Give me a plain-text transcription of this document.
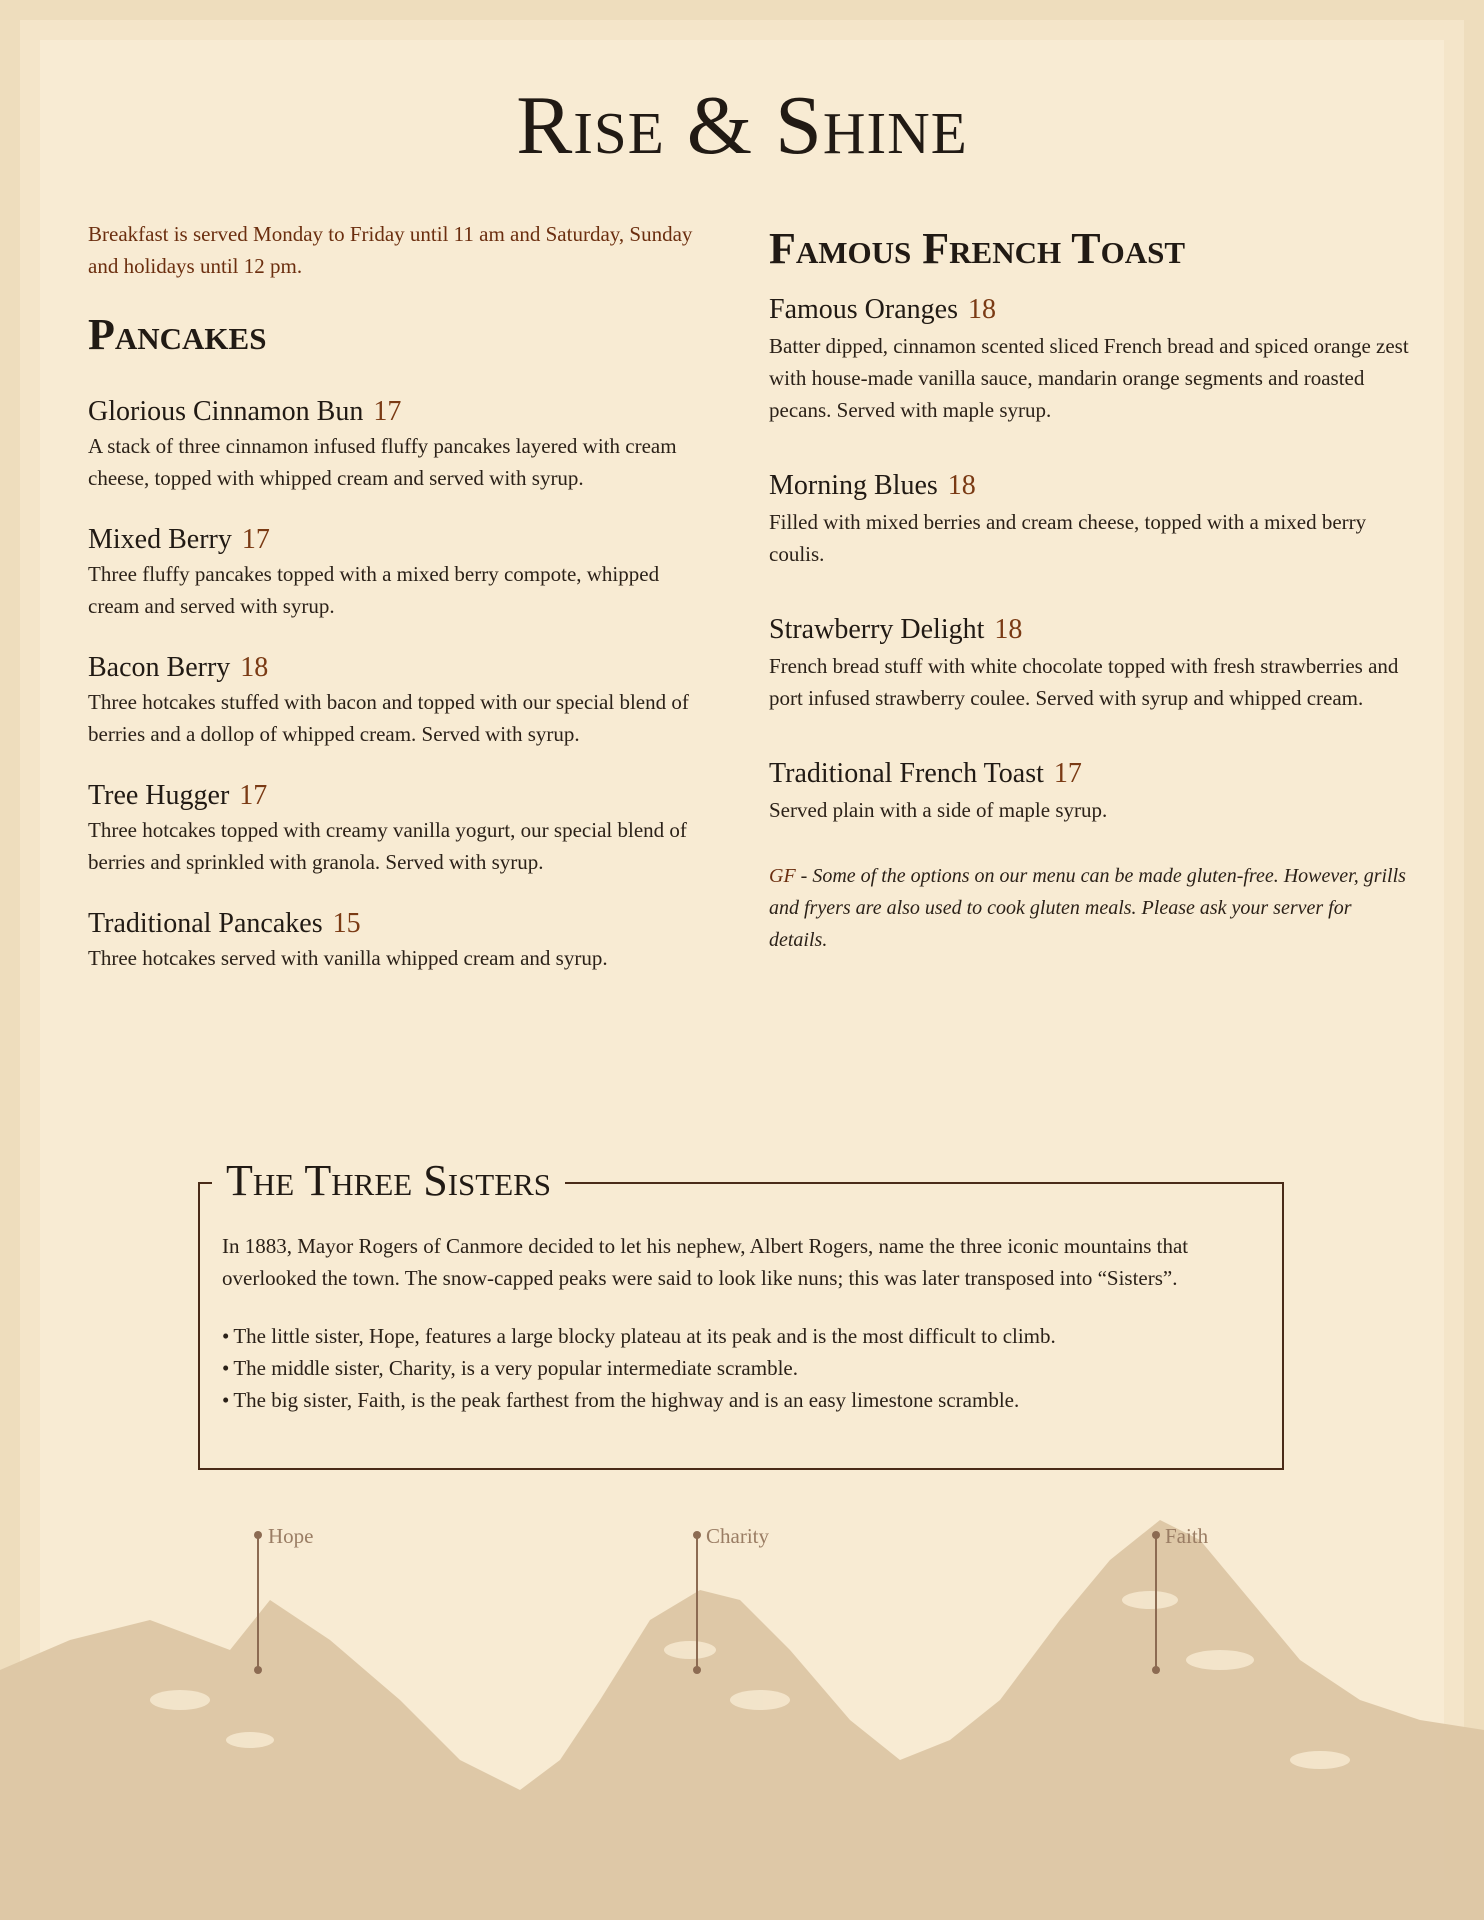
Rise & Shine

Breakfast is served Monday to Friday until 11 am and Saturday, Sunday and holidays until 12 pm.

Pancakes
Glorious Cinnamon Bun 17
A stack of three cinnamon infused fluffy pancakes layered with cream cheese, topped with whipped cream and served with syrup.
Mixed Berry 17
Three fluffy pancakes topped with a mixed berry compote, whipped cream and served with syrup.
Bacon Berry 18
Three hotcakes stuffed with bacon and topped with our special blend of berries and a dollop of whipped cream. Served with syrup.
Tree Hugger 17
Three hotcakes topped with creamy vanilla yogurt, our special blend of berries and sprinkled with granola. Served with syrup.
Traditional Pancakes 15
Three hotcakes served with vanilla whipped cream and syrup.
Famous French Toast
Famous Oranges 18
Batter dipped, cinnamon scented sliced French bread and spiced orange zest with house-made vanilla sauce, mandarin orange segments and roasted pecans. Served with maple syrup.
Morning Blues 18
Filled with mixed berries and cream cheese, topped with a mixed berry coulis.
Strawberry Delight 18
French bread stuff with white chocolate topped with fresh strawberries and port infused strawberry coulee. Served with syrup and whipped cream.
Traditional French Toast 17
Served plain with a side of maple syrup.
GF - Some of the options on our menu can be made gluten-free. However, grills and fryers are also used to cook gluten meals. Please ask your server for details.
The Three Sisters
In 1883, Mayor Rogers of Canmore decided to let his nephew, Albert Rogers, name the three iconic mountains that overlooked the town. The snow-capped peaks were said to look like nuns; this was later transposed into “Sisters”.
• The little sister, Hope, features a large blocky plateau at its peak and is the most difficult to climb.
• The middle sister, Charity, is a very popular intermediate scramble.
• The big sister, Faith, is the peak farthest from the highway and is an easy limestone scramble.
Hope	Charity	Faith
